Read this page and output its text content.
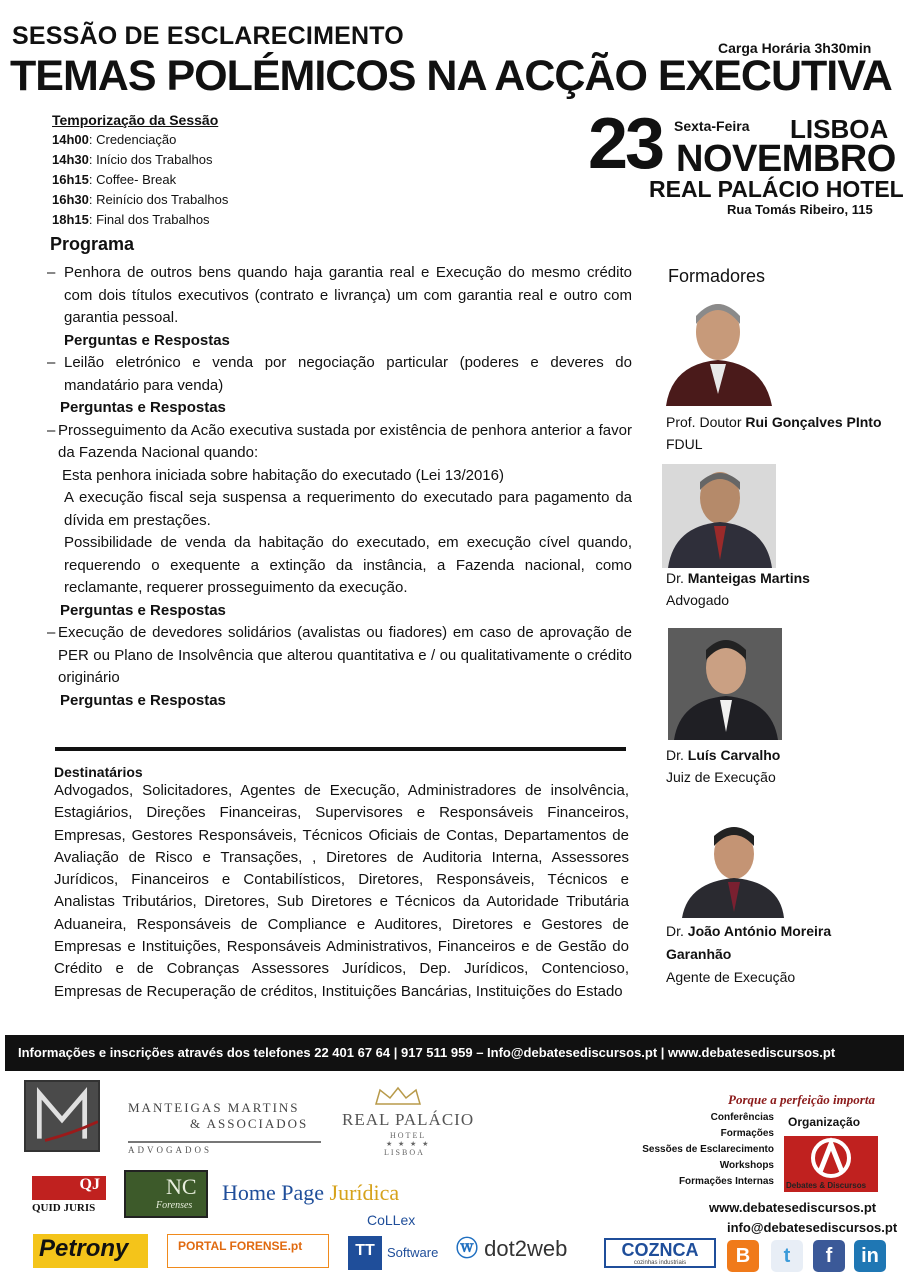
SESSÃO DE ESCLARECIMENTO	Carga Horária 3h30min
TEMAS POLÉMICOS NA ACÇÃO EXECUTIVA
Temporização da Sessão
14h00: Credenciação
14h30: Início dos Trabalhos
16h15: Coffee- Break
16h30: Reinício dos Trabalhos
18h15: Final dos Trabalhos
23 Sexta-Feira LISBOA
NOVEMBRO
REAL PALÁCIO HOTEL
Rua Tomás Ribeiro, 115
Programa
– Penhora de outros bens quando haja garantia real e Execução do mesmo crédito com dois títulos executivos (contrato e livrança) um com garantia real e outro com garantia pessoal.
Perguntas e Respostas
– Leilão eletrónico e venda por negociação particular (poderes e deveres do mandatário para venda)
Perguntas e Respostas
– Prosseguimento da Acão executiva sustada por existência de penhora anterior a favor da Fazenda Nacional quando:
Esta penhora iniciada sobre habitação do executado (Lei 13/2016)
A execução fiscal seja suspensa a requerimento do executado para pagamento da dívida em prestações.
Possibilidade de venda da habitação do executado, em execução cível quando, requerendo o exequente a extinção da instância, a Fazenda nacional, como reclamante, requerer prosseguimento da execução.
Perguntas e Respostas
– Execução de devedores solidários (avalistas ou fiadores) em caso de aprovação de PER ou Plano de Insolvência que alterou quantitativa e / ou qualitativamente o crédito originário
Perguntas e Respostas
Destinatários
Advogados, Solicitadores, Agentes de Execução, Administradores de insolvência, Estagiários, Direções Financeiras, Supervisores e Responsáveis Financeiros, Empresas, Gestores Responsáveis, Técnicos Oficiais de Contas, Departamentos de Avaliação de Risco e Transações, , Diretores de Auditoria Interna, Assessores Jurídicos, Financeiros e Contabilísticos, Diretores, Responsáveis, Técnicos e Analistas Tributários, Diretores, Sub Diretores e Técnicos da Autoridade Tributária Aduaneira, Responsáveis de Compliance e Auditores, Diretores e Gestores de Empresas e Instituições, Responsáveis Administrativos, Financeiros e de Gestão do Crédito e de Cobranças Assessores Jurídicos, Dep. Jurídicos, Contencioso, Empresas de Recuperação de créditos, Instituições Bancárias, Instituições do Estado
Formadores
Prof. Doutor Rui Gonçalves PInto
FDUL
Dr. Manteigas Martins
Advogado
Dr. Luís Carvalho
Juiz de Execução
Dr. João António Moreira
Garanhão
Agente de Execução
Informações e inscrições através dos telefones 22 401 67 64 | 917 511 959 – Info@debatesediscursos.pt | www.debatesediscursos.pt
MANTEIGAS MARTINS
& ASSOCIADOS
ADVOGADOS
REAL PALÁCIO
HOTEL
★ ★ ★ ★
LISBOA
QJ
QUID JURIS
NC
Forenses
Home Page Jurídica
CoLLex
Petrony	PORTAL FORENSE.pt	TT Software ⓦ dot2web	COZNCA
cozinhas industriais
Porque a perfeição importa
Conferências
Formações
Sessões de Esclarecimento
Workshops
Formações Internas
Organização
Debates & Discursos
www.debatesediscursos.pt
info@debatesediscursos.pt
B	t	f	in
